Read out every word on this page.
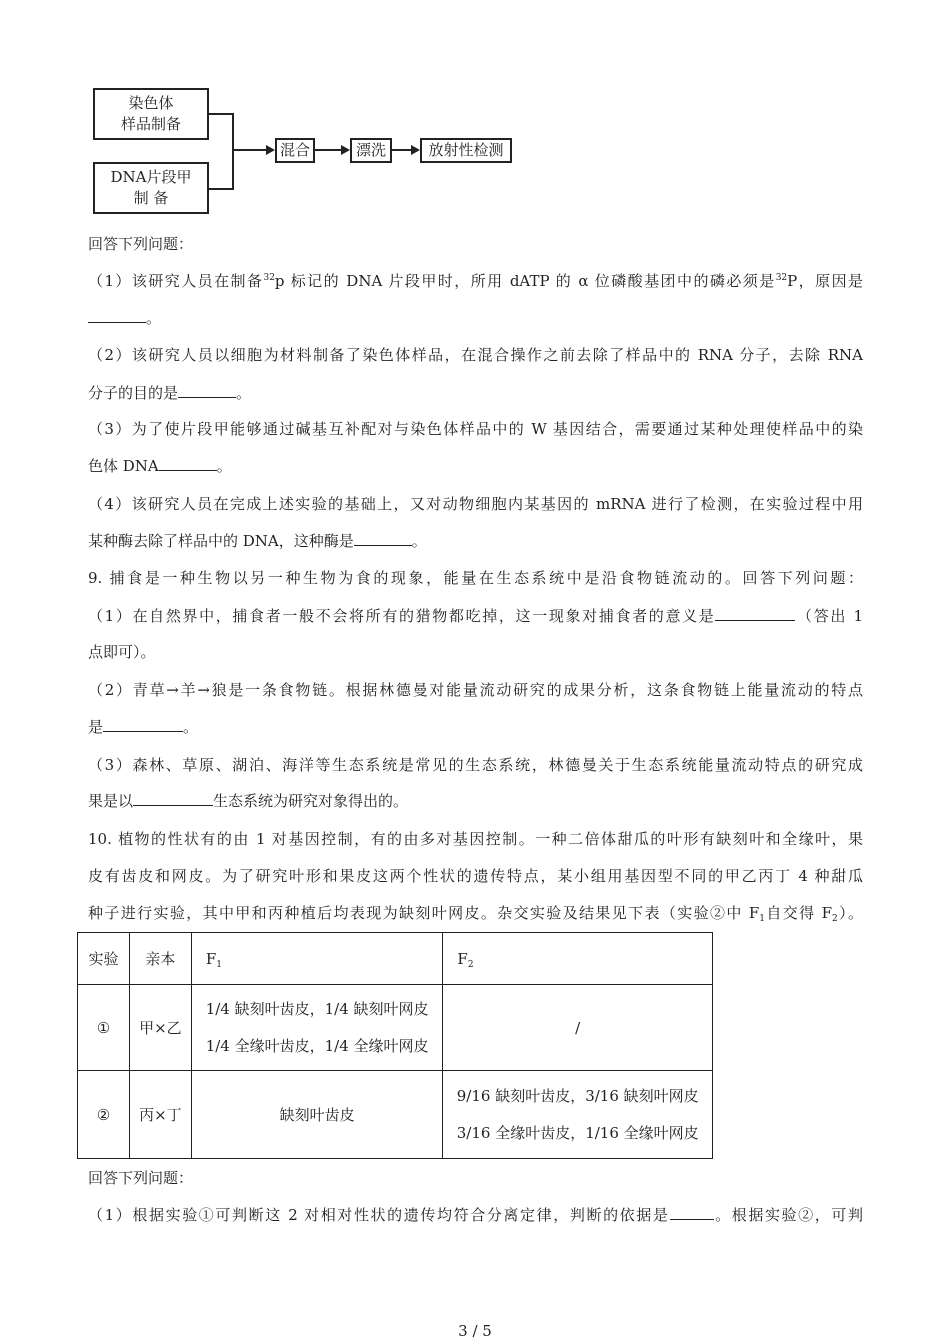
染色体
样品制备
DNA片段甲
制 备
混合	漂洗	放射性检测
回答下列问题：
（1）该研究人员在制备$^{32}$p 标记的 DNA 片段甲时，所用 dATP 的 α 位磷酸基团中的磷必须是$^{32}$P，原因是
。
（2）该研究人员以细胞为材料制备了染色体样品，在混合操作之前去除了样品中的 RNA 分子，去除 RNA
分子的目的是	。
（3）为了使片段甲能够通过碱基互补配对与染色体样品中的 W 基因结合，需要通过某种处理使样品中的染
色体 DNA	。
（4）该研究人员在完成上述实验的基础上，又对动物细胞内某基因的 mRNA 进行了检测，在实验过程中用
某种酶去除了样品中的 DNA，这种酶是	。
9. 捕食是一种生物以另一种生物为食的现象，能量在生态系统中是沿食物链流动的。回答下列问题：
（1）在自然界中，捕食者一般不会将所有的猎物都吃掉，这一现象对捕食者的意义是	（答出 1
点即可）。
（2）青草→羊→狼是一条食物链。根据林德曼对能量流动研究的成果分析，这条食物链上能量流动的特点
是	。
（3）森林、草原、湖泊、海洋等生态系统是常见的生态系统，林德曼关于生态系统能量流动特点的研究成
果是以	生态系统为研究对象得出的。
10. 植物的性状有的由 1 对基因控制，有的由多对基因控制。一种二倍体甜瓜的叶形有缺刻叶和全缘叶，果
皮有齿皮和网皮。为了研究叶形和果皮这两个性状的遗传特点，某小组用基因型不同的甲乙丙丁 4 种甜瓜
种子进行实验，其中甲和丙种植后均表现为缺刻叶网皮。杂交实验及结果见下表（实验②中 $F_1$自交得 $F_2$）。
实验	亲本	$F_1$	$F_2$
①	甲×乙	1/4 缺刻叶齿皮，1/4 缺刻叶网皮
1/4 全缘叶齿皮，1/4 全缘叶网皮	/
②	丙×丁	缺刻叶齿皮	9/16 缺刻叶齿皮，3/16 缺刻叶网皮
3/16 全缘叶齿皮，1/16 全缘叶网皮
回答下列问题：
（1）根据实验①可判断这 2 对相对性状的遗传均符合分离定律，判断的依据是	。根据实验②，可判
3 / 5
